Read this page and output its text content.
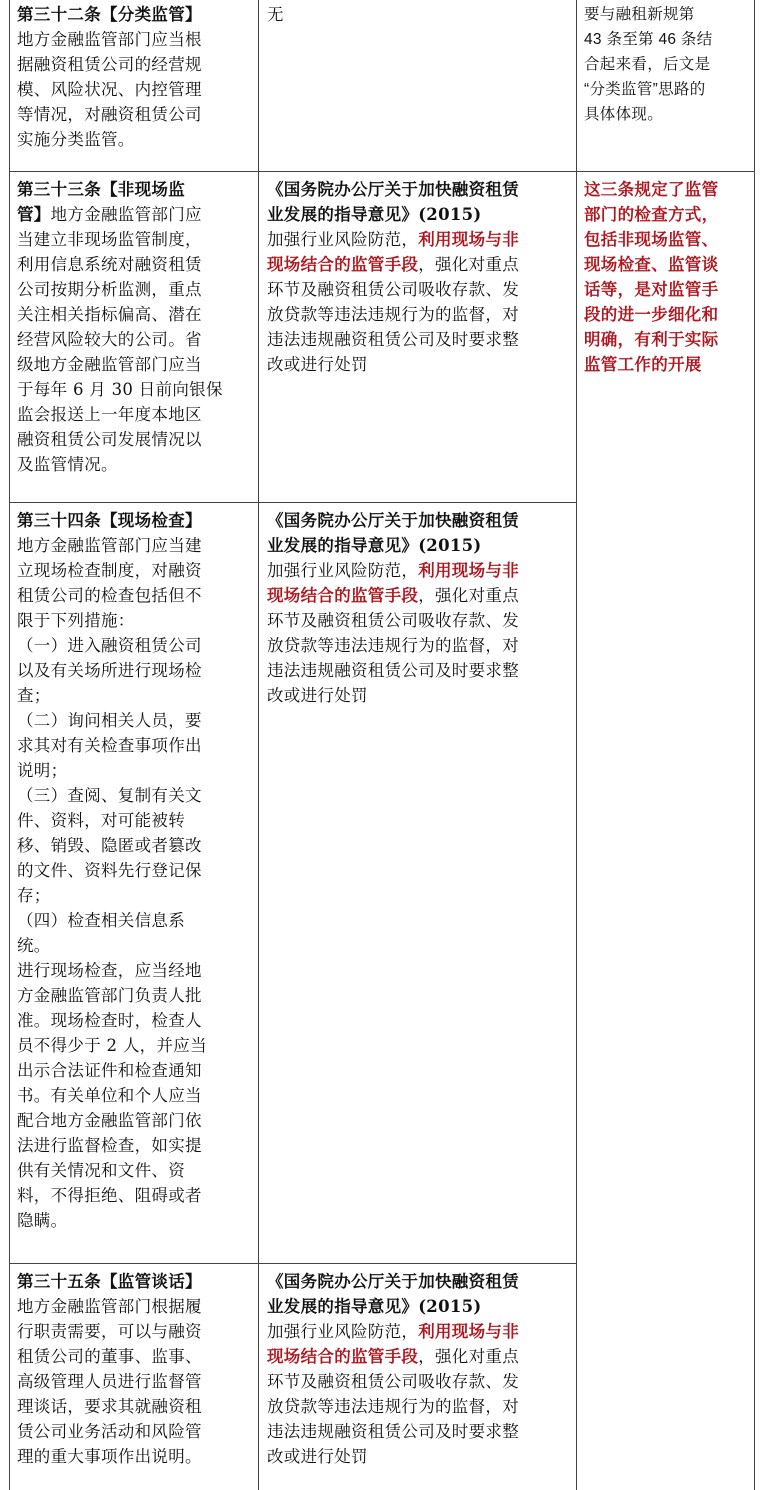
第三十二条【分类监管】

地方金融监管部门应当根

据融资租赁公司的经营规

模、风险状况、内控管理

等情况，对融资租赁公司

实施分类监管。

无	要与融租新规第

43 条至第 46 条结

合起来看，后文是

“分类监管”思路的

具体体现。

第三十三条【非现场监

管】地方金融监管部门应

当建立非现场监管制度，

利用信息系统对融资租赁

公司按期分析监测，重点

关注相关指标偏高、潜在

经营风险较大的公司。省

级地方金融监管部门应当

于每年 6 月 30 日前向银保

监会报送上一年度本地区

融资租赁公司发展情况以

及监管情况。

《国务院办公厅关于加快融资租赁

业发展的指导意见》(2015)

加强行业风险防范，利用现场与非

现场结合的监管手段，强化对重点

环节及融资租赁公司吸收存款、发

放贷款等违法违规行为的监督，对

违法违规融资租赁公司及时要求整

改或进行处罚

这三条规定了监管

部门的检查方式，

包括非现场监管、

现场检查、监管谈

话等，是对监管手

段的进一步细化和

明确，有利于实际

监管工作的开展

第三十四条【现场检查】

地方金融监管部门应当建

立现场检查制度，对融资

租赁公司的检查包括但不

限于下列措施：

（一）进入融资租赁公司

以及有关场所进行现场检

查；

（二）询问相关人员，要

求其对有关检查事项作出

说明；

（三）查阅、复制有关文

件、资料，对可能被转

移、销毁、隐匿或者篡改

的文件、资料先行登记保

存；

（四）检查相关信息系

统。

进行现场检查，应当经地

方金融监管部门负责人批

准。现场检查时，检查人

员不得少于 2 人，并应当

出示合法证件和检查通知

书。有关单位和个人应当

配合地方金融监管部门依

法进行监督检查，如实提

供有关情况和文件、资

料，不得拒绝、阻碍或者

隐瞒。

《国务院办公厅关于加快融资租赁

业发展的指导意见》(2015)

加强行业风险防范，利用现场与非

现场结合的监管手段，强化对重点

环节及融资租赁公司吸收存款、发

放贷款等违法违规行为的监督，对

违法违规融资租赁公司及时要求整

改或进行处罚

第三十五条【监管谈话】

地方金融监管部门根据履

行职责需要，可以与融资

租赁公司的董事、监事、

高级管理人员进行监督管

理谈话，要求其就融资租

赁公司业务活动和风险管

理的重大事项作出说明。

《国务院办公厅关于加快融资租赁

业发展的指导意见》(2015)

加强行业风险防范，利用现场与非

现场结合的监管手段，强化对重点

环节及融资租赁公司吸收存款、发

放贷款等违法违规行为的监督，对

违法违规融资租赁公司及时要求整

改或进行处罚
